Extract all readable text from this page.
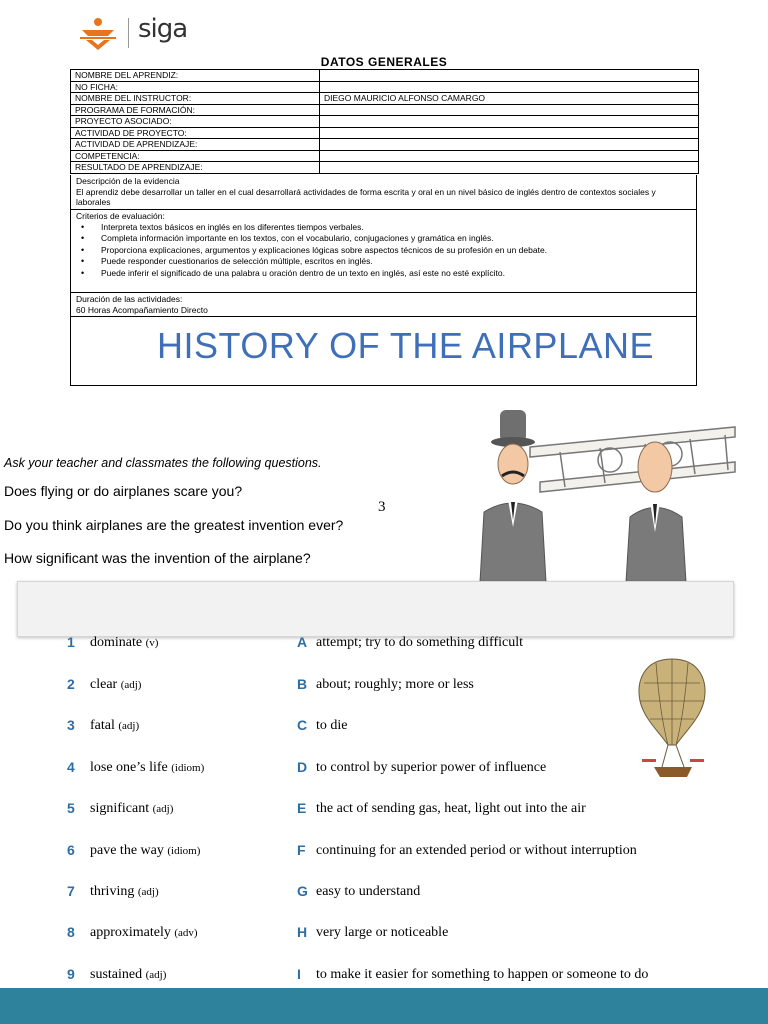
siga
DATOS GENERALES
NOMBRE DEL APRENDIZ:	
NO FICHA:	
NOMBRE DEL INSTRUCTOR:	DIEGO MAURICIO ALFONSO CAMARGO
PROGRAMA DE FORMACIÓN:	
PROYECTO ASOCIADO:	
ACTIVIDAD DE PROYECTO:	
ACTIVIDAD DE APRENDIZAJE:	
COMPETENCIA:	
RESULTADO DE APRENDIZAJE:	

Descripción de la evidencia

El aprendiz debe desarrollar un taller en el cual desarrollará actividades de forma escrita y oral en un nivel básico de inglés dentro de contextos sociales y laborales

Criterios de evaluación:

• Interpreta textos básicos en inglés en los diferentes tiempos verbales.
• Completa información importante en los textos, con el vocabulario, conjugaciones y gramática en inglés.
• Proporciona explicaciones, argumentos y explicaciones lógicas sobre aspectos técnicos de su profesión en un debate.
• Puede responder cuestionarios de selección múltiple, escritos en inglés.
• Puede inferir el significado de una palabra u oración dentro de un texto en inglés, así este no esté explícito.

Duración de las actividades:

60 Horas Acompañamiento Directo

HISTORY OF THE AIRPLANE
Ask your teacher and classmates the following questions.
Does flying or do airplanes scare you?
Do you think airplanes are the greatest invention ever?
How significant was the invention of the airplane?
3
1 dominate (v)	A attempt; try to do something difficult
2 clear (adj)	B about; roughly; more or less
3 fatal (adj)	C to die
4 lose one’s life (idiom)	D to control by superior power of influence
5 significant (adj)	E the act of sending gas, heat, light out into the air
6 pave the way (idiom)	F continuing for an extended period or without interruption
7 thriving (adj)	G easy to understand
8 approximately (adv)	H very large or noticeable
9 sustained (adj)	I to make it easier for something to happen or someone to do
